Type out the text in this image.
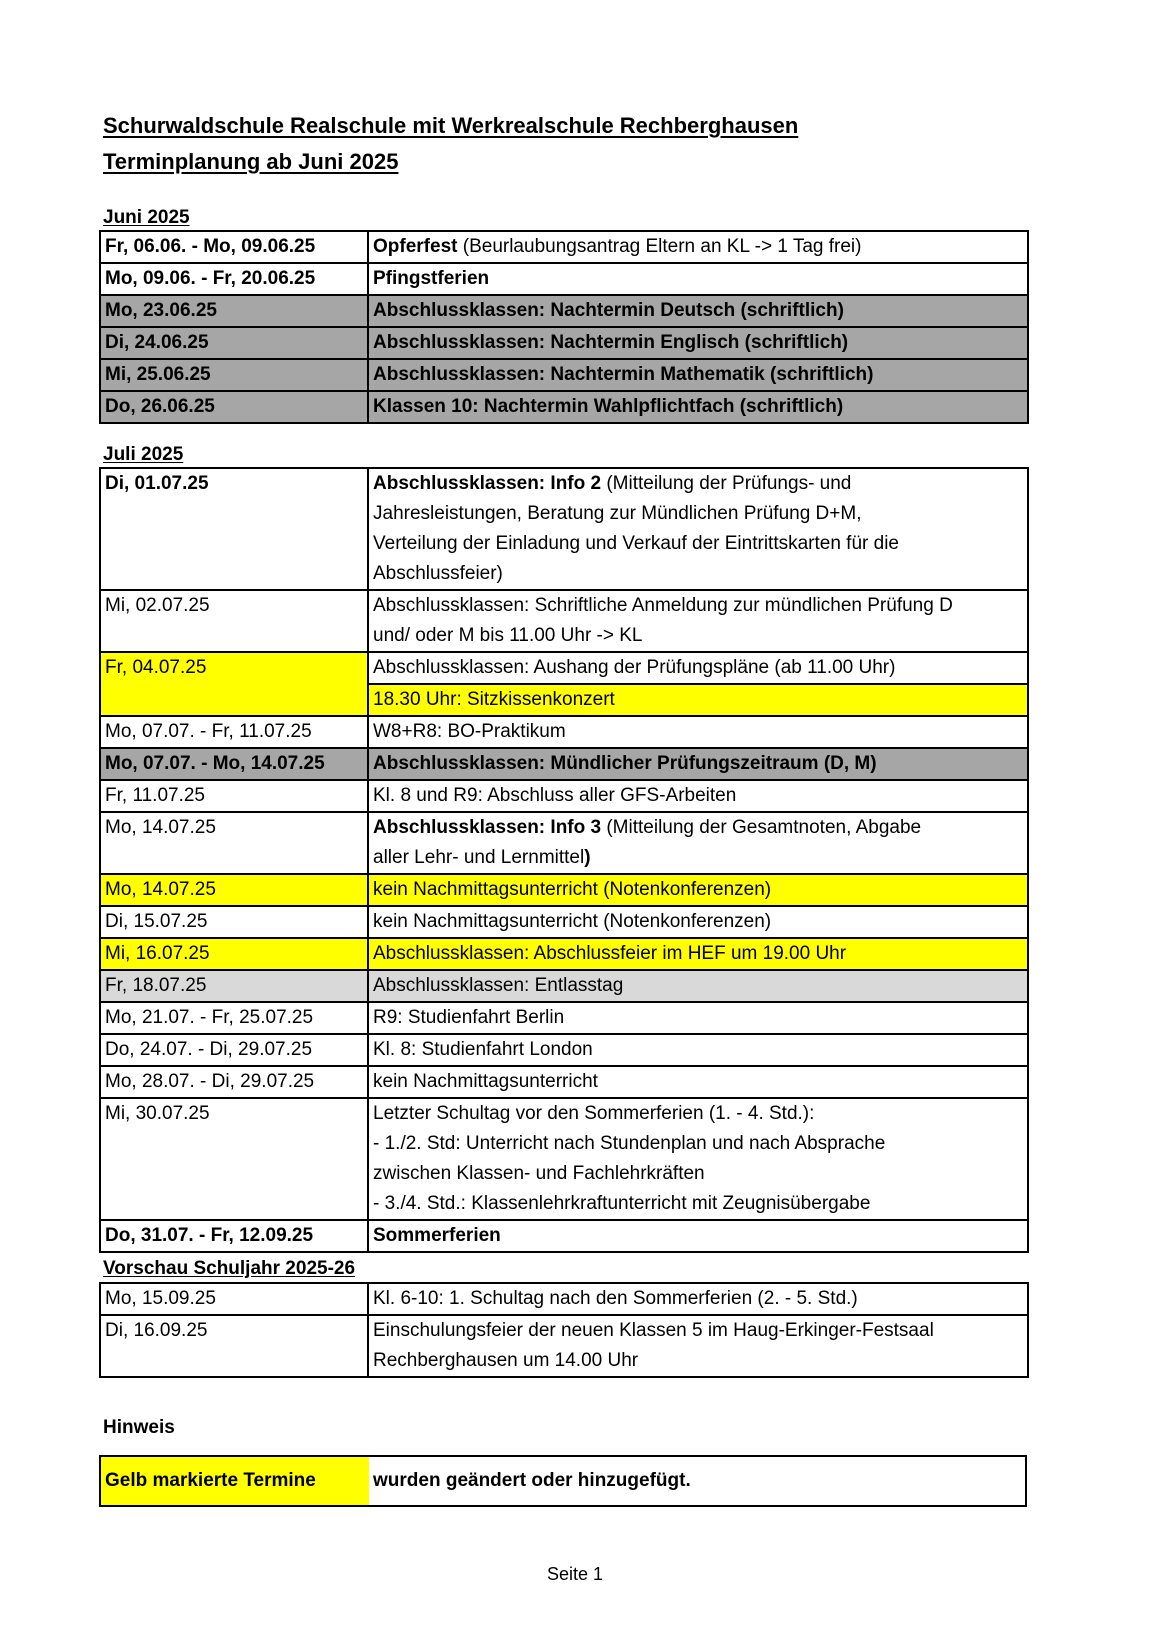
Schurwaldschule Realschule mit Werkrealschule Rechberghausen
Terminplanung ab Juni 2025
Juni 2025
Fr, 06.06. - Mo, 09.06.25	Opferfest (Beurlaubungsantrag Eltern an KL -> 1 Tag frei)
Mo, 09.06. - Fr, 20.06.25	Pfingstferien
Mo, 23.06.25	Abschlussklassen: Nachtermin Deutsch (schriftlich)
Di, 24.06.25	Abschlussklassen: Nachtermin Englisch (schriftlich)
Mi, 25.06.25	Abschlussklassen: Nachtermin Mathematik (schriftlich)
Do, 26.06.25	Klassen 10: Nachtermin Wahlpflichtfach (schriftlich)
Juli 2025
Di, 01.07.25	Abschlussklassen: Info 2 (Mitteilung der Prüfungs- und
Jahresleistungen, Beratung zur Mündlichen Prüfung D+M,
Verteilung der Einladung und Verkauf der Eintrittskarten für die
Abschlussfeier)

Mi, 02.07.25	Abschlussklassen: Schriftliche Anmeldung zur mündlichen Prüfung D
und/ oder M bis 11.00 Uhr -> KL

Fr, 04.07.25	Abschlussklassen: Aushang der Prüfungspläne (ab 11.00 Uhr)
	18.30 Uhr: Sitzkissenkonzert
Mo, 07.07. - Fr, 11.07.25	W8+R8: BO-Praktikum
Mo, 07.07. - Mo, 14.07.25	Abschlussklassen: Mündlicher Prüfungszeitraum (D, M)
Fr, 11.07.25	Kl. 8 und R9: Abschluss aller GFS-Arbeiten
Mo, 14.07.25	Abschlussklassen: Info 3 (Mitteilung der Gesamtnoten, Abgabe
aller Lehr- und Lernmittel)

Mo, 14.07.25	kein Nachmittagsunterricht (Notenkonferenzen)
Di, 15.07.25	kein Nachmittagsunterricht (Notenkonferenzen)
Mi, 16.07.25	Abschlussklassen: Abschlussfeier im HEF um 19.00 Uhr
Fr, 18.07.25	Abschlussklassen: Entlasstag
Mo, 21.07. - Fr, 25.07.25	R9: Studienfahrt Berlin
Do, 24.07. - Di, 29.07.25	Kl. 8: Studienfahrt London
Mo, 28.07. - Di, 29.07.25	kein Nachmittagsunterricht
Mi, 30.07.25	Letzter Schultag vor den Sommerferien (1. - 4. Std.):
- 1./2. Std: Unterricht nach Stundenplan und nach Absprache
zwischen Klassen- und Fachlehrkräften
- 3./4. Std.: Klassenlehrkraftunterricht mit Zeugnisübergabe

Do, 31.07. - Fr, 12.09.25	Sommerferien
Vorschau Schuljahr 2025-26
Mo, 15.09.25	Kl. 6-10: 1. Schultag nach den Sommerferien (2. - 5. Std.)
Di, 16.09.25	Einschulungsfeier der neuen Klassen 5 im Haug-Erkinger-Festsaal
Rechberghausen um 14.00 Uhr
Hinweis
Gelb markierte Termine	wurden geändert oder hinzugefügt.
Seite 1
